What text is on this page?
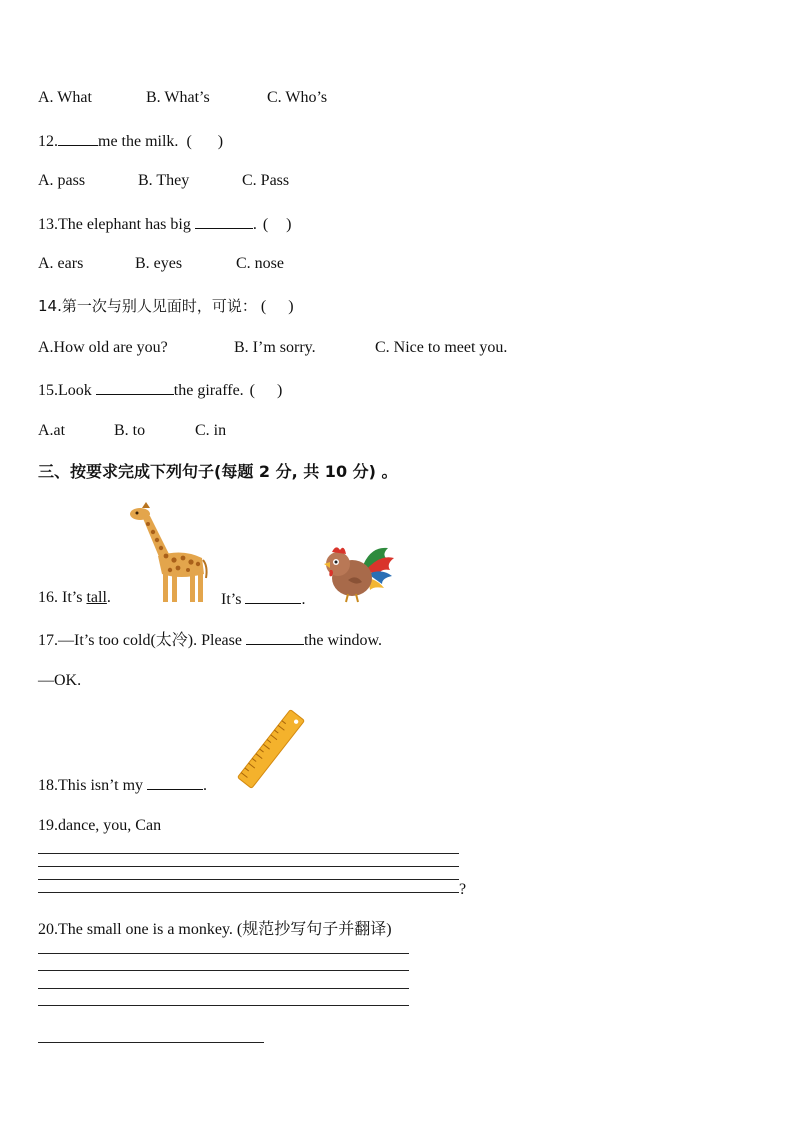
A. What	B. What’s	C. Who’s
12.	me the milk. ( )
A. pass	B. They	C. Pass
13.The elephant has big	. ( )
A. ears	B. eyes	C. nose
14.第一次与别人见面时，可说： ( )
A.How old are you?	B. I’m sorry.	C. Nice to meet you.
15.Look	the giraffe. ( )
A.at	B. to	C. in
三、按要求完成下列句子(每题 2 分, 共 10 分) 。
16. It’s tall.	It’s	.
17.—It’s too cold(太冷). Please	the window.
—OK.
18.This isn’t my	.
19.dance, you, Can
?
20.The small one is a monkey. (规范抄写句子并翻译)
